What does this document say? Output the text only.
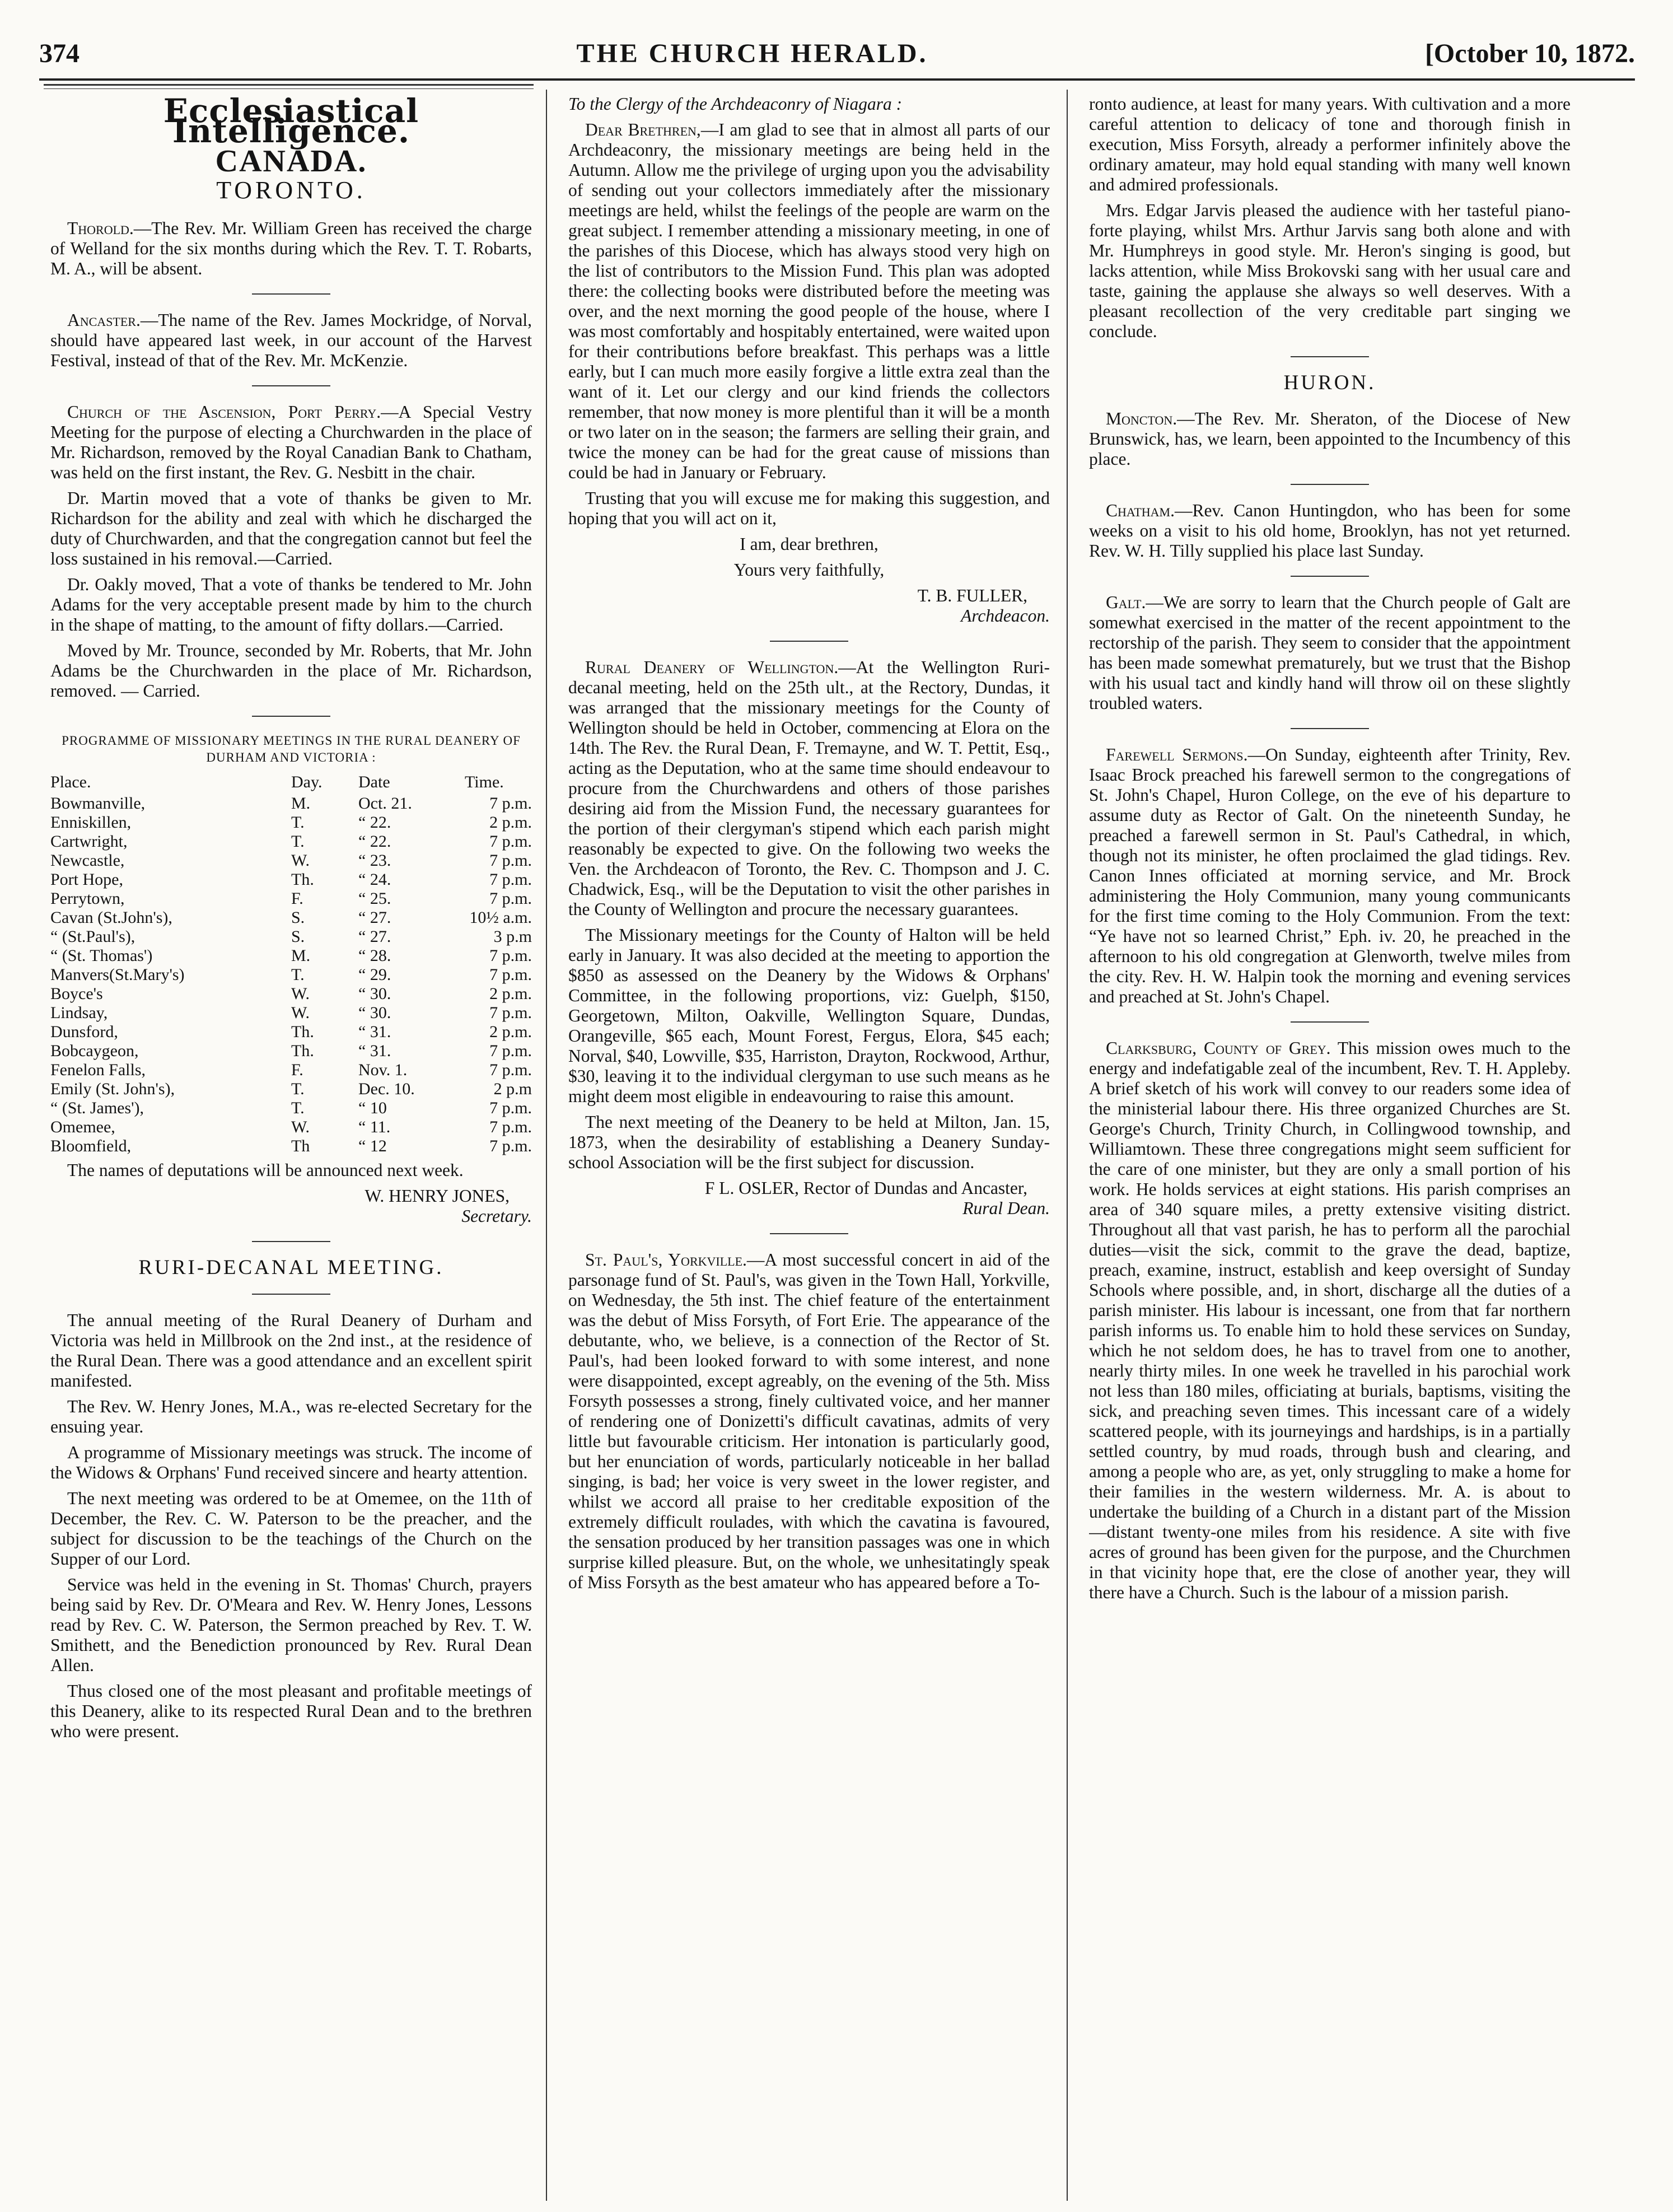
374	THE CHURCH HERALD.	[October 10, 1872.
Ecclesiastical Intelligence.
CANADA.
TORONTO.

Thorold.—The Rev. Mr. William Green has received the charge of Welland for the six months during which the Rev. T. T. Robarts, M. A., will be absent.

Ancaster.—The name of the Rev. James Mockridge, of Norval, should have appeared last week, in our account of the Harvest Festival, instead of that of the Rev. Mr. McKenzie.

Church of the Ascension, Port Perry.—A Special Vestry Meeting for the purpose of electing a Churchwarden in the place of Mr. Richardson, removed by the Royal Canadian Bank to Chatham, was held on the first instant, the Rev. G. Nesbitt in the chair.

Dr. Martin moved that a vote of thanks be given to Mr. Richardson for the ability and zeal with which he discharged the duty of Churchwarden, and that the congregation cannot but feel the loss sustained in his removal.—Carried.

Dr. Oakly moved, That a vote of thanks be tendered to Mr. John Adams for the very acceptable present made by him to the church in the shape of matting, to the amount of fifty dollars.—Carried.

Moved by Mr. Trounce, seconded by Mr. Roberts, that Mr. John Adams be the Churchwarden in the place of Mr. Richardson, removed. — Carried.

PROGRAMME OF MISSIONARY MEETINGS IN THE RURAL DEANERY OF DURHAM AND VICTORIA :
Place.	Day.	Date	Time.
Bowmanville,	M.	Oct. 21.	7 p.m.
Enniskillen,	T.	“ 22.	2 p.m.
Cartwright,	T.	“ 22.	7 p.m.
Newcastle,	W.	“ 23.	7 p.m.
Port Hope,	Th.	“ 24.	7 p.m.
Perrytown,	F.	“ 25.	7 p.m.
Cavan (St.John's),	S.	“ 27.	10½ a.m.
“ (St.Paul's),	S.	“ 27.	3 p.m
“ (St. Thomas')	M.	“ 28.	7 p.m.
Manvers(St.Mary's)	T.	“ 29.	7 p.m.
Boyce's	W.	“ 30.	2 p.m.
Lindsay,	W.	“ 30.	7 p.m.
Dunsford,	Th.	“ 31.	2 p.m.
Bobcaygeon,	Th.	“ 31.	7 p.m.
Fenelon Falls,	F.	Nov. 1.	7 p.m.
Emily (St. John's),	T.	Dec. 10.	2 p.m
“ (St. James'),	T.	“ 10	7 p.m.
Omemee,	W.	“ 11.	7 p.m.
Bloomfield,	Th	“ 12	7 p.m.

The names of deputations will be announced next week.

W. HENRY JONES,
Secretary.
RURI-DECANAL MEETING.

The annual meeting of the Rural Deanery of Durham and Victoria was held in Millbrook on the 2nd inst., at the residence of the Rural Dean. There was a good attendance and an excellent spirit manifested.

The Rev. W. Henry Jones, M.A., was re-elected Secretary for the ensuing year.

A programme of Missionary meetings was struck. The income of the Widows & Orphans' Fund received sincere and hearty attention.

The next meeting was ordered to be at Omemee, on the 11th of December, the Rev. C. W. Paterson to be the preacher, and the subject for discussion to be the teachings of the Church on the Supper of our Lord.

Service was held in the evening in St. Thomas' Church, prayers being said by Rev. Dr. O'Meara and Rev. W. Henry Jones, Lessons read by Rev. C. W. Paterson, the Sermon preached by Rev. T. W. Smithett, and the Benediction pronounced by Rev. Rural Dean Allen.

Thus closed one of the most pleasant and profitable meetings of this Deanery, alike to its respected Rural Dean and to the brethren who were present.

To the Clergy of the Archdeaconry of Niagara :

Dear Brethren,—I am glad to see that in almost all parts of our Archdeaconry, the missionary meetings are being held in the Autumn. Allow me the privilege of urging upon you the advisability of sending out your collectors immediately after the missionary meetings are held, whilst the feelings of the people are warm on the great subject. I remember attending a missionary meeting, in one of the parishes of this Diocese, which has always stood very high on the list of contributors to the Mission Fund. This plan was adopted there: the collecting books were distributed before the meeting was over, and the next morning the good people of the house, where I was most comfortably and hospitably entertained, were waited upon for their contributions before breakfast. This perhaps was a little early, but I can much more easily forgive a little extra zeal than the want of it. Let our clergy and our kind friends the collectors remember, that now money is more plentiful than it will be a month or two later on in the season; the farmers are selling their grain, and twice the money can be had for the great cause of missions than could be had in January or February.

Trusting that you will excuse me for making this suggestion, and hoping that you will act on it,

I am, dear brethren,

Yours very faithfully,

T. B. FULLER,
Archdeacon.

Rural Deanery of Wellington.—At the Wellington Ruri-decanal meeting, held on the 25th ult., at the Rectory, Dundas, it was arranged that the missionary meetings for the County of Wellington should be held in October, commencing at Elora on the 14th. The Rev. the Rural Dean, F. Tremayne, and W. T. Pettit, Esq., acting as the Deputation, who at the same time should endeavour to procure from the Churchwardens and others of those parishes desiring aid from the Mission Fund, the necessary guarantees for the portion of their clergyman's stipend which each parish might reasonably be expected to give. On the following two weeks the Ven. the Archdeacon of Toronto, the Rev. C. Thompson and J. C. Chadwick, Esq., will be the Deputation to visit the other parishes in the County of Wellington and procure the necessary guarantees.

The Missionary meetings for the County of Halton will be held early in January. It was also decided at the meeting to apportion the $850 as assessed on the Deanery by the Widows & Orphans' Committee, in the following proportions, viz: Guelph, $150, Georgetown, Milton, Oakville, Wellington Square, Dundas, Orangeville, $65 each, Mount Forest, Fergus, Elora, $45 each; Norval, $40, Lowville, $35, Harriston, Drayton, Rockwood, Arthur, $30, leaving it to the individual clergyman to use such means as he might deem most eligible in endeavouring to raise this amount.

The next meeting of the Deanery to be held at Milton, Jan. 15, 1873, when the desirability of establishing a Deanery Sunday-school Association will be the first subject for discussion.

F L. OSLER, Rector of Dundas and Ancaster,
Rural Dean.

St. Paul's, Yorkville.—A most successful concert in aid of the parsonage fund of St. Paul's, was given in the Town Hall, Yorkville, on Wednesday, the 5th inst. The chief feature of the entertainment was the debut of Miss Forsyth, of Fort Erie. The appearance of the debutante, who, we believe, is a connection of the Rector of St. Paul's, had been looked forward to with some interest, and none were disappointed, except agreably, on the evening of the 5th. Miss Forsyth possesses a strong, finely cultivated voice, and her manner of rendering one of Donizetti's difficult cavatinas, admits of very little but favourable criticism. Her intonation is particularly good, but her enunciation of words, particularly noticeable in her ballad singing, is bad; her voice is very sweet in the lower register, and whilst we accord all praise to her creditable exposition of the extremely difficult roulades, with which the cavatina is favoured, the sensation produced by her transition passages was one in which surprise killed pleasure. But, on the whole, we unhesitatingly speak of Miss Forsyth as the best amateur who has appeared before a To-

ronto audience, at least for many years. With cultivation and a more careful attention to delicacy of tone and thorough finish in execution, Miss Forsyth, already a performer infinitely above the ordinary amateur, may hold equal standing with many well known and admired professionals.

Mrs. Edgar Jarvis pleased the audience with her tasteful piano-forte playing, whilst Mrs. Arthur Jarvis sang both alone and with Mr. Humphreys in good style. Mr. Heron's singing is good, but lacks attention, while Miss Brokovski sang with her usual care and taste, gaining the applause she always so well deserves. With a pleasant recollection of the very creditable part singing we conclude.

HURON.

Moncton.—The Rev. Mr. Sheraton, of the Diocese of New Brunswick, has, we learn, been appointed to the Incumbency of this place.

Chatham.—Rev. Canon Huntingdon, who has been for some weeks on a visit to his old home, Brooklyn, has not yet returned. Rev. W. H. Tilly supplied his place last Sunday.

Galt.—We are sorry to learn that the Church people of Galt are somewhat exercised in the matter of the recent appointment to the rectorship of the parish. They seem to consider that the appointment has been made somewhat prematurely, but we trust that the Bishop with his usual tact and kindly hand will throw oil on these slightly troubled waters.

Farewell Sermons.—On Sunday, eighteenth after Trinity, Rev. Isaac Brock preached his farewell sermon to the congregations of St. John's Chapel, Huron College, on the eve of his departure to assume duty as Rector of Galt. On the nineteenth Sunday, he preached a farewell sermon in St. Paul's Cathedral, in which, though not its minister, he often proclaimed the glad tidings. Rev. Canon Innes officiated at morning service, and Mr. Brock administering the Holy Communion, many young communicants for the first time coming to the Holy Communion. From the text: “Ye have not so learned Christ,” Eph. iv. 20, he preached in the afternoon to his old congregation at Glenworth, twelve miles from the city. Rev. H. W. Halpin took the morning and evening services and preached at St. John's Chapel.

Clarksburg, County of Grey. This mission owes much to the energy and indefatigable zeal of the incumbent, Rev. T. H. Appleby. A brief sketch of his work will convey to our readers some idea of the ministerial labour there. His three organized Churches are St. George's Church, Trinity Church, in Collingwood township, and Williamtown. These three congregations might seem sufficient for the care of one minister, but they are only a small portion of his work. He holds services at eight stations. His parish comprises an area of 340 square miles, a pretty extensive visiting district. Throughout all that vast parish, he has to perform all the parochial duties—visit the sick, commit to the grave the dead, baptize, preach, examine, instruct, establish and keep oversight of Sunday Schools where possible, and, in short, discharge all the duties of a parish minister. His labour is incessant, one from that far northern parish informs us. To enable him to hold these services on Sunday, which he not seldom does, he has to travel from one to another, nearly thirty miles. In one week he travelled in his parochial work not less than 180 miles, officiating at burials, baptisms, visiting the sick, and preaching seven times. This incessant care of a widely scattered people, with its journeyings and hardships, is in a partially settled country, by mud roads, through bush and clearing, and among a people who are, as yet, only struggling to make a home for their families in the western wilderness. Mr. A. is about to undertake the building of a Church in a distant part of the Mission—distant twenty-one miles from his residence. A site with five acres of ground has been given for the purpose, and the Churchmen in that vicinity hope that, ere the close of another year, they will there have a Church. Such is the labour of a mission parish.
